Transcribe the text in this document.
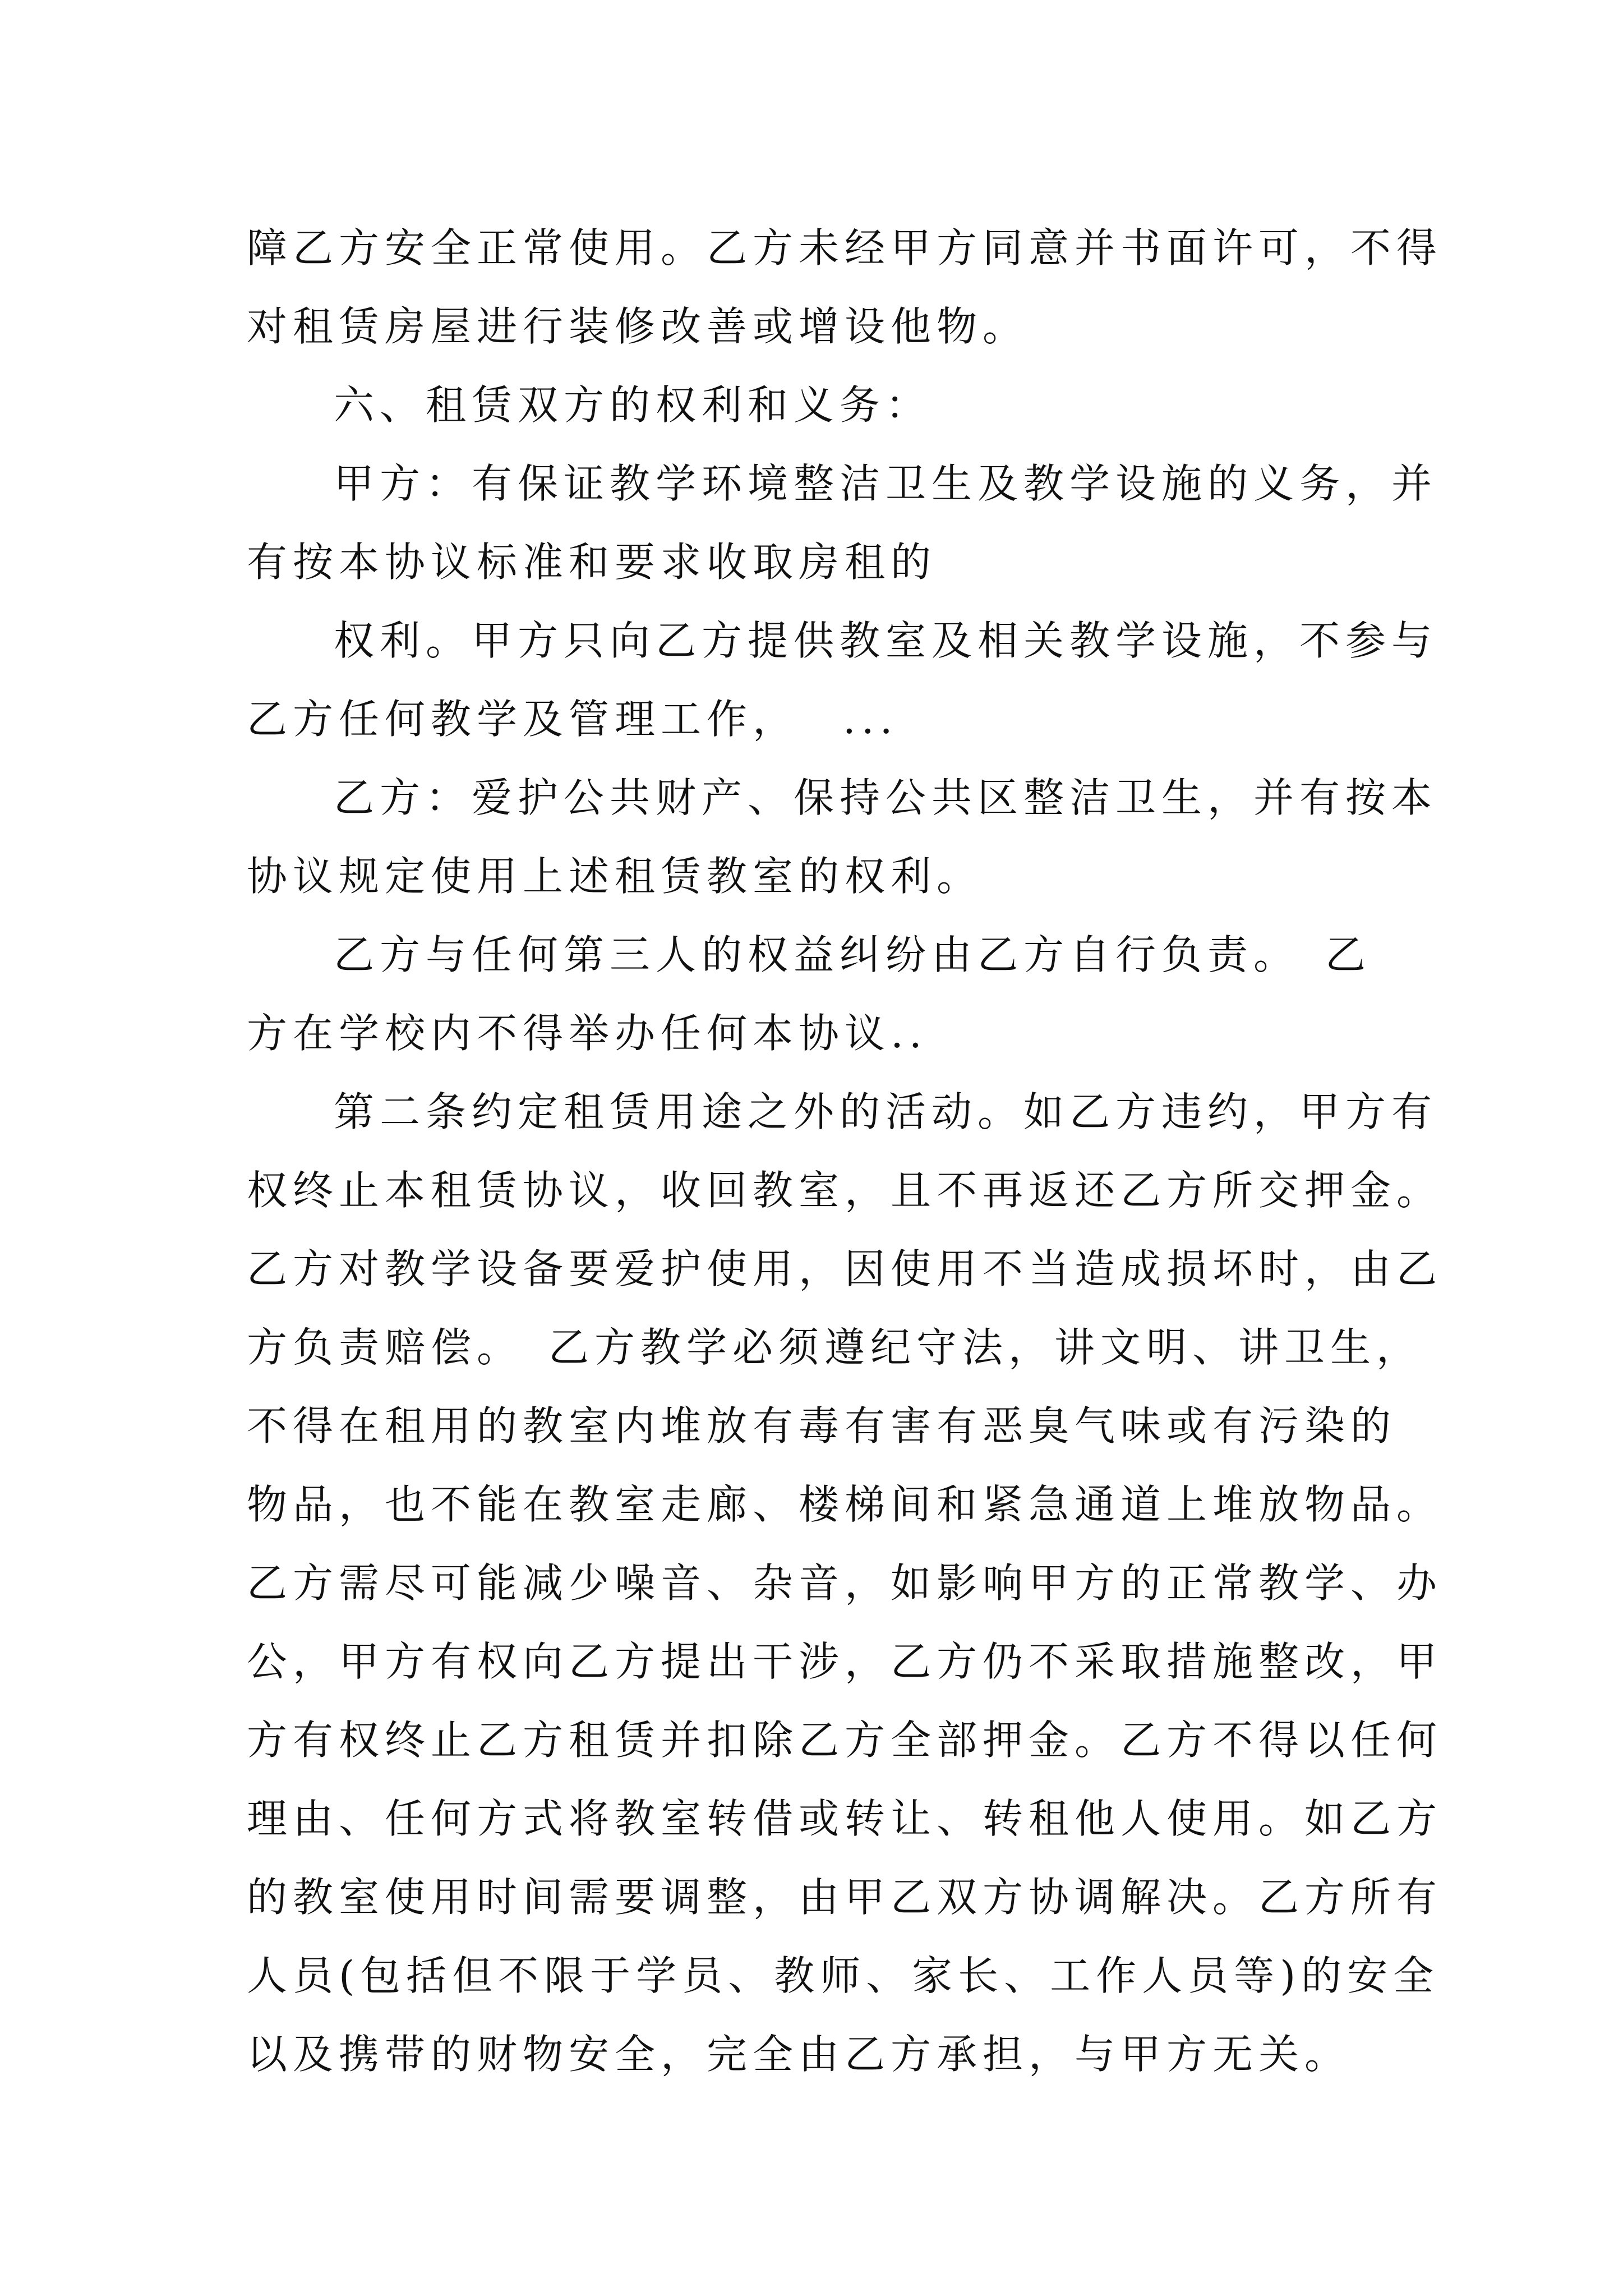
障乙方安全正常使用。乙方未经甲方同意并书面许可，不得
对租赁房屋进行装修改善或增设他物。
六、租赁双方的权利和义务：
甲方：有保证教学环境整洁卫生及教学设施的义务，并
有按本协议标准和要求收取房租的
权利。甲方只向乙方提供教室及相关教学设施，不参与
乙方任何教学及管理工作，　 ...
乙方：爱护公共财产、保持公共区整洁卫生，并有按本
协议规定使用上述租赁教室的权利。
乙方与任何第三人的权益纠纷由乙方自行负责。　乙
方在学校内不得举办任何本协议..
第二条约定租赁用途之外的活动。如乙方违约，甲方有
权终止本租赁协议，收回教室，且不再返还乙方所交押金。
乙方对教学设备要爱护使用，因使用不当造成损坏时，由乙
方负责赔偿。　乙方教学必须遵纪守法，讲文明、讲卫生，
不得在租用的教室内堆放有毒有害有恶臭气味或有污染的
物品，也不能在教室走廊、楼梯间和紧急通道上堆放物品。
乙方需尽可能减少噪音、杂音，如影响甲方的正常教学、办
公，甲方有权向乙方提出干涉，乙方仍不采取措施整改，甲
方有权终止乙方租赁并扣除乙方全部押金。乙方不得以任何
理由、任何方式将教室转借或转让、转租他人使用。如乙方
的教室使用时间需要调整，由甲乙双方协调解决。乙方所有
人员(包括但不限于学员、教师、家长、工作人员等)的安全
以及携带的财物安全，完全由乙方承担，与甲方无关。
